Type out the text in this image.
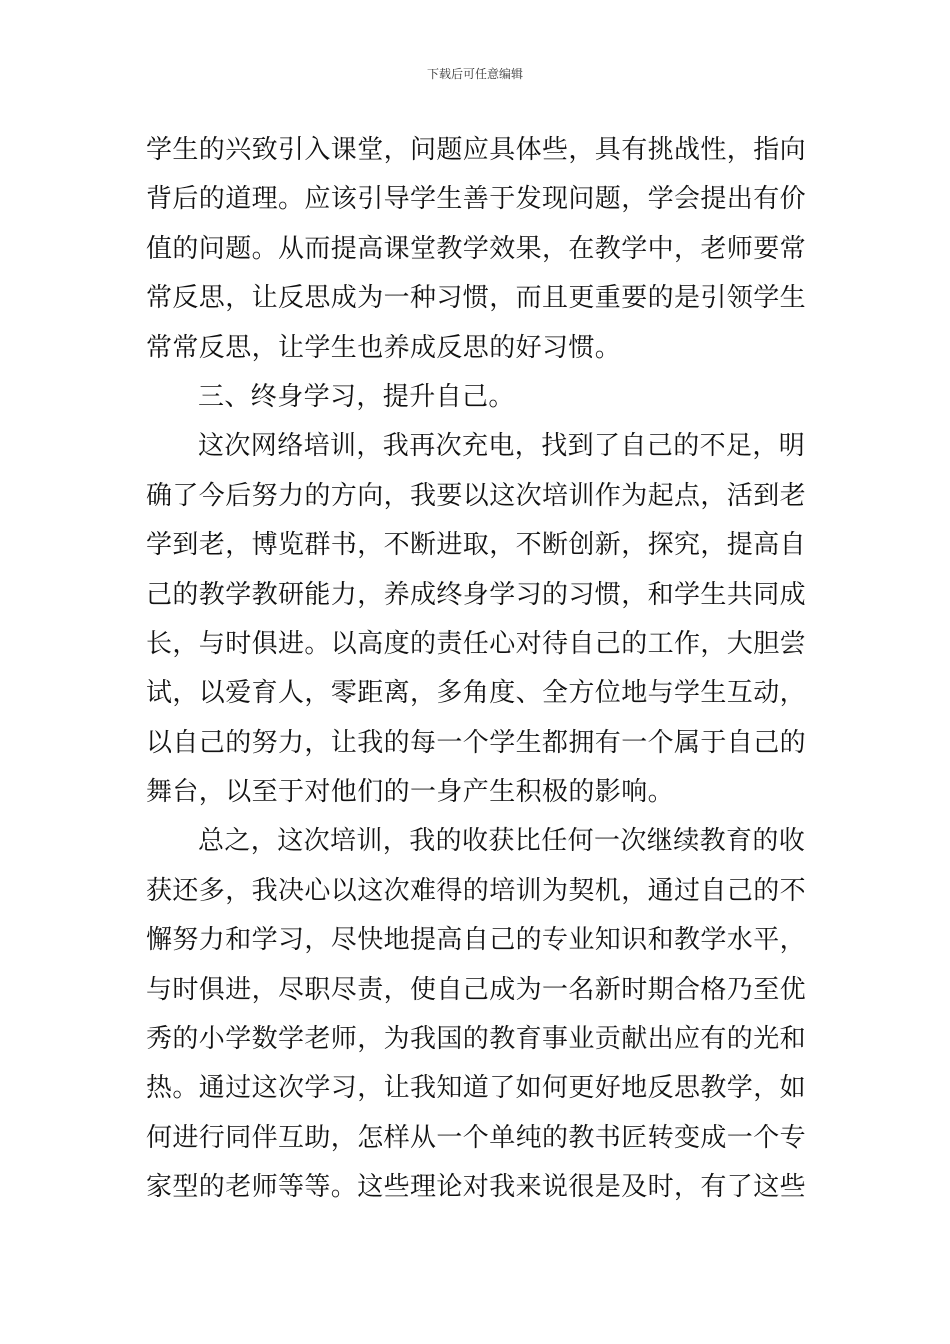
下载后可任意编辑
学生的兴致引入课堂，问题应具体些，具有挑战性，指向
背后的道理。应该引导学生善于发现问题，学会提出有价
值的问题。从而提高课堂教学效果，在教学中，老师要常
常反思，让反思成为一种习惯，而且更重要的是引领学生
常常反思，让学生也养成反思的好习惯。
三、终身学习，提升自己。
这次网络培训，我再次充电，找到了自己的不足，明
确了今后努力的方向，我要以这次培训作为起点，活到老
学到老，博览群书，不断进取，不断创新，探究，提高自
己的教学教研能力，养成终身学习的习惯，和学生共同成
长，与时俱进。以高度的责任心对待自己的工作，大胆尝
试，以爱育人，零距离，多角度、全方位地与学生互动，
以自己的努力，让我的每一个学生都拥有一个属于自己的
舞台，以至于对他们的一身产生积极的影响。
总之，这次培训，我的收获比任何一次继续教育的收
获还多，我决心以这次难得的培训为契机，通过自己的不
懈努力和学习，尽快地提高自己的专业知识和教学水平，
与时俱进，尽职尽责，使自己成为一名新时期合格乃至优
秀的小学数学老师，为我国的教育事业贡献出应有的光和
热。通过这次学习，让我知道了如何更好地反思教学，如
何进行同伴互助，怎样从一个单纯的教书匠转变成一个专
家型的老师等等。这些理论对我来说很是及时，有了这些
